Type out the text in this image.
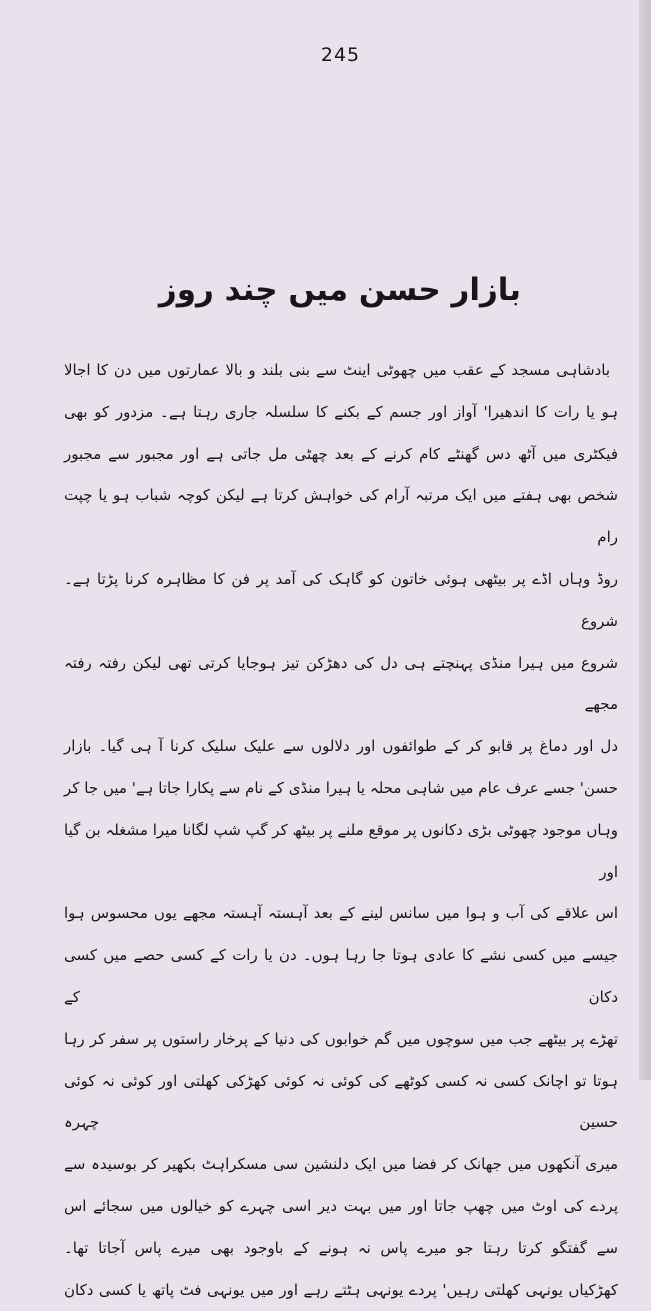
245
بازار حسن میں چند روز
بادشاہی مسجد کے عقب میں چھوٹی اینٹ سے بنی بلند و بالا عمارتوں میں دن کا اجالا
ہو یا رات کا اندھیرا' آواز اور جسم کے بکنے کا سلسلہ جاری رہتا ہے۔ مزدور کو بھی
فیکٹری میں آٹھ دس گھنٹے کام کرنے کے بعد چھٹی مل جاتی ہے اور مجبور سے مجبور
شخص بھی ہفتے میں ایک مرتبہ آرام کی خواہش کرتا ہے لیکن کوچہ شباب ہو یا چپت رام
روڈ وہاں اڈے پر بیٹھی ہوئی خاتون کو گاہک کی آمد پر فن کا مظاہرہ کرنا پڑتا ہے۔ شروع
شروع میں ہیرا منڈی پہنچتے ہی دل کی دھڑکن تیز ہوجایا کرتی تھی لیکن رفتہ رفتہ مجھے
دل اور دماغ پر قابو کر کے طوائفوں اور دلالوں سے علیک سلیک کرنا آ ہی گیا۔ بازار
حسن' جسے عرف عام میں شاہی محلہ یا ہیرا منڈی کے نام سے پکارا جاتا ہے' میں جا کر
وہاں موجود چھوٹی بڑی دکانوں پر موقع ملنے پر بیٹھ کر گپ شپ لگانا میرا مشغلہ بن گیا اور
اس علاقے کی آب و ہوا میں سانس لینے کے بعد آہستہ آہستہ مجھے یوں محسوس ہوا
جیسے میں کسی نشے کا عادی ہوتا جا رہا ہوں۔ دن یا رات کے کسی حصے میں کسی دکان کے
تھڑے پر بیٹھے جب میں سوچوں میں گم خوابوں کی دنیا کے پرخار راستوں پر سفر کر رہا
ہوتا تو اچانک کسی نہ کسی کوٹھے کی کوئی نہ کوئی کھڑکی کھلتی اور کوئی نہ کوئی حسین چہرہ
میری آنکھوں میں جھانک کر فضا میں ایک دلنشین سی مسکراہٹ بکھیر کر بوسیدہ سے
پردے کی اوٹ میں چھپ جاتا اور میں بہت دیر اسی چہرے کو خیالوں میں سجائے اس
سے گفتگو کرتا رہتا جو میرے پاس نہ ہونے کے باوجود بھی میرے پاس آجاتا تھا۔
کھڑکیاں یونہی کھلتی رہیں' پردے یونہی ہٹتے رہے اور میں یونہی فٹ پاتھ یا کسی دکان
